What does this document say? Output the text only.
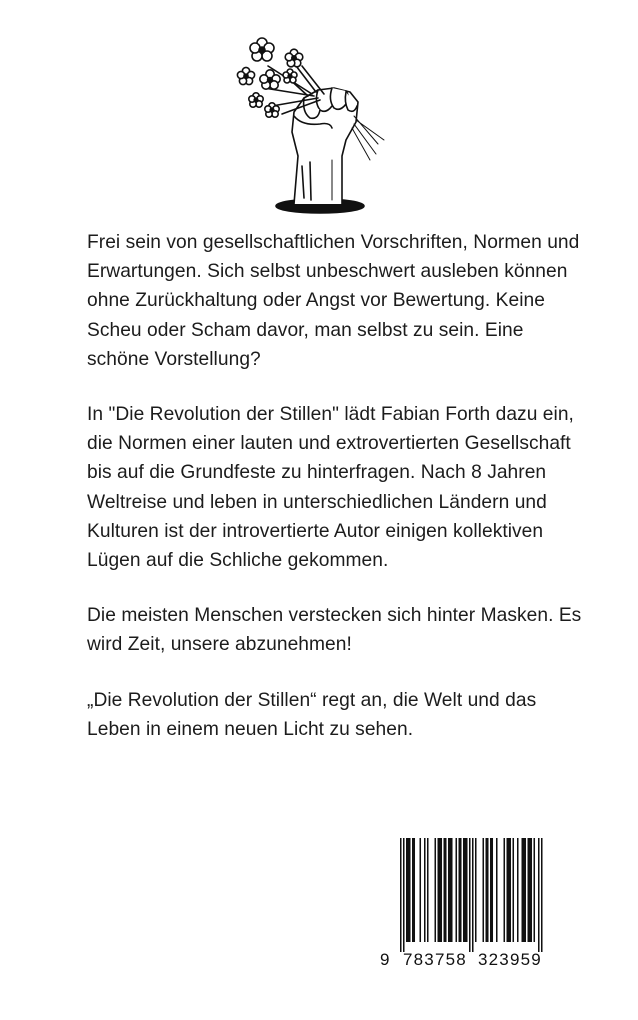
Frei sein von gesellschaftlichen Vorschriften, Normen und Erwartungen. Sich selbst unbeschwert ausleben können ohne Zurückhaltung oder Angst vor Bewertung. Keine Scheu oder Scham davor, man selbst zu sein. Eine schöne Vorstellung?

In "Die Revolution der Stillen" lädt Fabian Forth dazu ein, die Normen einer lauten und extrovertierten Gesellschaft bis auf die Grundfeste zu hinterfragen. Nach 8 Jahren Weltreise und leben in unterschiedlichen Ländern und Kulturen ist der introvertierte Autor einigen kollektiven Lügen auf die Schliche gekommen.

Die meisten Menschen verstecken sich hinter Masken. Es wird Zeit, unsere abzunehmen!

„Die Revolution der Stillen“ regt an, die Welt und das Leben in einem neuen Licht zu sehen.

9 783758 323959
